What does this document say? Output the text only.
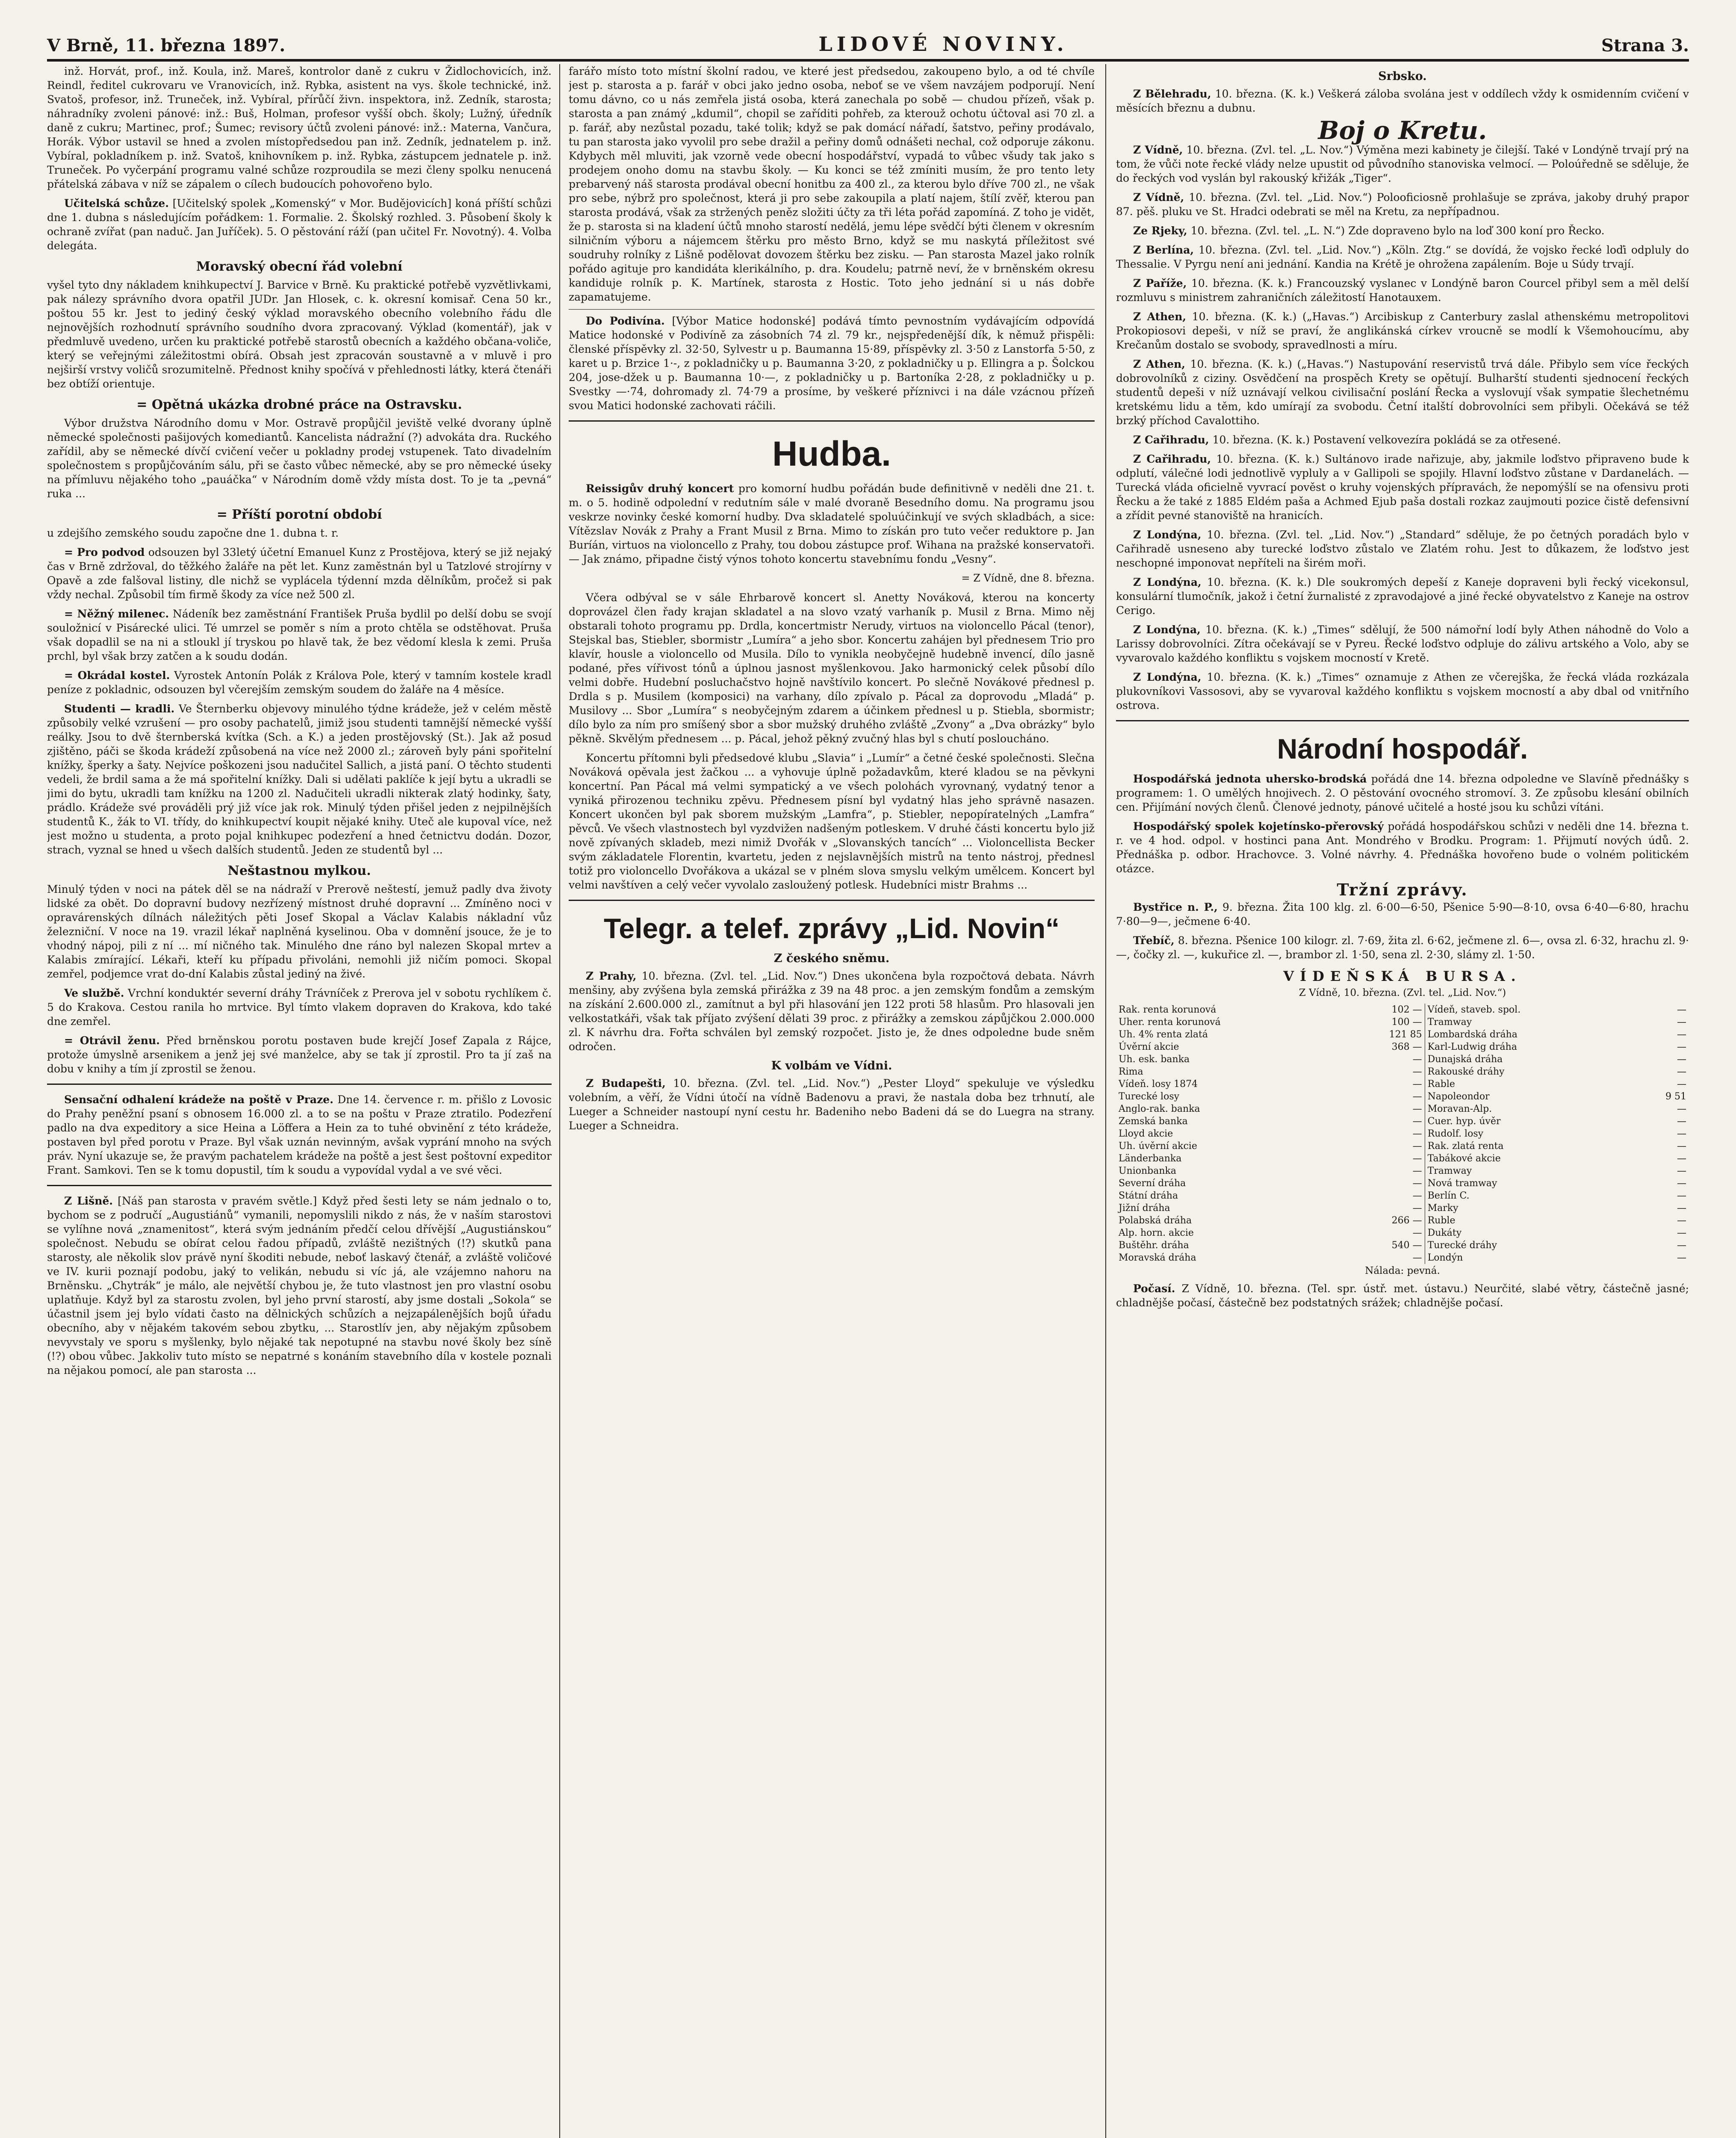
V Brně, 11. března 1897.	LIDOVÉ NOVINY.	Strana 3.

inž. Horvát, prof., inž. Koula, inž. Mareš, kontrolor daně z cukru v Židlochovicích, inž. Reindl, ředitel cukrovaru ve Vranovicích, inž. Rybka, asistent na vys. škole technické, inž. Svatoš, profesor, inž. Truneček, inž. Vybíral, přírůčí živn. inspektora, inž. Zedník, starosta; náhradníky zvoleni pánové: inž.: Buš, Holman, profesor vyšší obch. školy; Lužný, úředník daně z cukru; Martinec, prof.; Šumec; revisory účtů zvoleni pánové: inž.: Materna, Vančura, Horák. Výbor ustavil se hned a zvolen místopředsedou pan inž. Zedník, jednatelem p. inž. Vybíral, pokladníkem p. inž. Svatoš, knihovníkem p. inž. Rybka, zástupcem jednatele p. inž. Truneček. Po vyčerpání programu valné schůze rozproudila se mezi členy spolku nenucená přátelská zábava v níž se zápalem o cílech budoucích pohovořeno bylo.

Učitelská schůze. [Učitelský spolek „Komenský“ v Mor. Budějovicích] koná příští schůzi dne 1. dubna s následujícím pořádkem: 1. Formalie. 2. Školský rozhled. 3. Působení školy k ochraně zvířat (pan naduč. Jan Juříček). 5. O pěstování ráží (pan učitel Fr. Novotný). 4. Volba delegáta.

Moravský obecní řád volební

vyšel tyto dny nákladem knihkupectví J. Barvice v Brně. Ku praktické potřebě vyzvětlivkami, pak nálezy správního dvora opatřil JUDr. Jan Hlosek, c. k. okresní komisař. Cena 50 kr., poštou 55 kr. Jest to jediný český výklad moravského obecního volebního řádu dle nejnovějších rozhodnutí správního soudního dvora zpracovaný. Výklad (komentář), jak v předmluvě uvedeno, určen ku praktické potřebě starostů obecních a každého občana-voliče, který se veřejnými záležitostmi obírá. Obsah jest zpracován soustavně a v mluvě i pro nejširší vrstvy voličů srozumitelně. Přednost knihy spočívá v přehlednosti látky, která čtenáři bez obtíží orientuje.

= Opětná ukázka drobné práce na Ostravsku.

Výbor družstva Národního domu v Mor. Ostravě propůjčil jeviště velké dvorany úplně německé společnosti pašijových komediantů. Kancelista nádražní (?) advokáta dra. Ruckého zařídil, aby se německé dívčí cvičení večer u pokladny prodej vstupenek. Tato divadelním společnostem s propůjčováním sálu, při se často vůbec německé, aby se pro německé úseky na přímluvu nějakého toho „pauáčka“ v Národním domě vždy místa dost. To je ta „pevná“ ruka ...

= Příští porotní období

u zdejšího zemského soudu započne dne 1. dubna t. r.

= Pro podvod odsouzen byl 33letý účetní Emanuel Kunz z Prostějova, který se již nejaký čas v Brně zdržoval, do těžkého žaláře na pět let. Kunz zaměstnán byl u Tatzlové strojírny v Opavě a zde falšoval listiny, dle nichž se vyplácela týdenní mzda dělníkům, pročež si pak vždy nechal. Způsobil tím firmě škody za více než 500 zl.

= Něžný milenec. Nádeník bez zaměstnání František Pruša bydlil po delší dobu se svojí souložnicí v Pisárecké ulici. Té umrzel se poměr s ním a proto chtěla se odstěhovat. Pruša však dopadlil se na ni a stloukl jí tryskou po hlavě tak, že bez vědomí klesla k zemi. Pruša prchl, byl však brzy zatčen a k soudu dodán.

= Okrádal kostel. Vyrostek Antonín Polák z Králova Pole, který v tamním kostele kradl peníze z pokladnic, odsouzen byl včerejším zemským soudem do žaláře na 4 měsíce.

Studenti — kradli. Ve Šternberku objevovy minulého týdne krádeže, jež v celém městě způsobily velké vzrušení — pro osoby pachatelů, jimiž jsou studenti tamnější německé vyšší reálky. Jsou to dvě šternberská kvítka (Sch. a K.) a jeden prostějovský (St.). Jak až posud zjištěno, páči se škoda krádeží způsobená na více než 2000 zl.; zároveň byly páni spořitelní knížky, šperky a šaty. Nejvíce poškozeni jsou nadučitel Sallich, a jistá paní. O těchto studenti vedeli, že brdil sama a že má spořitelní knížky. Dali si udělati paklíče k její bytu a ukradli se jimi do bytu, ukradli tam knížku na 1200 zl. Nadučiteli ukradli nikterak zlatý hodinky, šaty, prádlo. Krádeže své prováděli prý již více jak rok. Minulý týden přišel jeden z nejpilnějších studentů K., žák to VI. třídy, do knihkupectví koupit nějaké knihy. Uteč ale kupoval více, než jest možno u studenta, a proto pojal knihkupec podezření a hned četnictvu dodán. Dozor, strach, vyznal se hned u všech dalších studentů. Jeden ze studentů byl ...

Neštastnou mylkou.

Minulý týden v noci na pátek děl se na nádraží v Prerově neštestí, jemuž padly dva životy lidské za obět. Do dopravní budovy nezřízený místnost druhé dopravní ... Zmíněno noci v opravárenských dílnách náležitých pěti Josef Skopal a Václav Kalabis nákladní vůz železniční. V noce na 19. vrazil lékař naplněná kyselinou. Oba v domnění jsouce, že je to vhodný nápoj, pili z ní ... mí ničného tak. Minulého dne ráno byl nalezen Skopal mrtev a Kalabis zmírající. Lékaři, kteří ku případu přivoláni, nemohli již ničím pomoci. Skopal zemřel, podjemce vrat do-dní Kalabis zůstal jediný na živé.

Ve službě. Vrchní konduktér severní dráhy Trávníček z Prerova jel v sobotu rychlíkem č. 5 do Krakova. Cestou ranila ho mrtvice. Byl tímto vlakem dopraven do Krakova, kdo také dne zemřel.

= Otrávil ženu. Před brněnskou porotu postaven bude krejčí Josef Zapala z Rájce, protože úmyslně arsenikem a jenž jej své manželce, aby se tak jí zprostil. Pro ta jí zaš na dobu v knihy a tím jí zprostil se ženou.

Sensační odhalení krádeže na poště v Praze. Dne 14. července r. m. přišlo z Lovosic do Prahy peněžní psaní s obnosem 16.000 zl. a to se na poštu v Praze ztratilo. Podezření padlo na dva expeditory a sice Heina a Löffera a Hein za to tuhé obvinění z této krádeže, postaven byl před porotu v Praze. Byl však uznán nevinným, avšak vyprání mnoho na svých práv. Nyní ukazuje se, že pravým pachatelem krádeže na poště a jest šest poštovní expeditor Frant. Samkovi. Ten se k tomu dopustil, tím k soudu a vypovídal vydal a ve své věci.

Z Lišně. [Náš pan starosta v pravém světle.] Když před šesti lety se nám jednalo o to, bychom se z područí „Augustiánů“ vymanili, nepomyslili nikdo z nás, že v naším starostovi se vylíhne nová „znamenitost“, která svým jednáním předčí celou dřívější „Augustiánskou“ společnost. Nebudu se obírat celou řadou případů, zvláště nezištných (!?) skutků pana starosty, ale několik slov právě nyní škoditi nebude, neboť laskavý čtenář, a zvláště voličové ve IV. kurii poznají podobu, jaký to velikán, nebudu si víc já, ale vzájemno nahoru na Brněnsku. „Chytrák“ je málo, ale největší chybou je, že tuto vlastnost jen pro vlastní osobu uplatňuje. Když byl za starostu zvolen, byl jeho první starostí, aby jsme dostali „Sokola“ se účastnil jsem jej bylo vídati často na dělnických schůzích a nejzapálenějších bojů úřadu obecního, aby v nějakém takovém sebou zbytku, ... Starostlív jen, aby nějakým způsobem nevyvstaly ve sporu s myšlenky, bylo nějaké tak nepotupné na stavbu nové školy bez síně (!?) obou vůbec. Jakkoliv tuto místo se nepatrné s konáním stavebního díla v kostele poznali na nějakou pomocí, ale pan starosta ...

farářo místo toto místní školní radou, ve které jest předsedou, zakoupeno bylo, a od té chvíle jest p. starosta a p. farář v obci jako jedno osoba, neboť se ve všem navzájem podporují. Není tomu dávno, co u nás zemřela jistá osoba, která zanechala po sobě — chudou přízeň, však p. starosta a pan známý „kdumil“, chopil se zaříditi pohřeb, za kterouž ochotu účtoval asi 70 zl. a p. farář, aby nezůstal pozadu, také tolik; když se pak domácí nářadí, šatstvo, peřiny prodávalo, tu pan starosta jako vyvolil pro sebe dražil a peřiny domů odnášeti nechal, což odporuje zákonu. Kdybych měl mluviti, jak vzorně vede obecní hospodářství, vypadá to vůbec všudy tak jako s prodejem onoho domu na stavbu školy. — Ku konci se též zmíniti musím, že pro tento lety prebarvený náš starosta prodával obecní honitbu za 400 zl., za kterou bylo dříve 700 zl., ne však pro sebe, nýbrž pro společnost, která ji pro sebe zakoupila a platí najem, štílí zvěř, kterou pan starosta prodává, však za stržených peněz složiti účty za tři léta pořád zapomíná. Z toho je vidět, že p. starosta si na kladení účtů mnoho starostí nedělá, jemu lépe svědčí býti členem v okresním silničním výboru a nájemcem štěrku pro město Brno, když se mu naskytá příležitost své soudruhy rolníky z Lišně podělovat dovozem štěrku bez zisku. — Pan starosta Mazel jako rolník pořádo agituje pro kandidáta klerikálního, p. dra. Koudelu; patrně neví, že v brněnském okresu kandiduje rolník p. K. Martínek, starosta z Hostic. Toto jeho jednání si u nás dobře zapamatujeme.

Do Podivína. [Výbor Matice hodonské] podává tímto pevnostním vydávajícím odpovídá Matice hodonské v Podivíně za zásobních 74 zl. 79 kr., nejspředenější dík, k němuž přispěli: členské příspěvky zl. 32·50, Sylvestr u p. Baumanna 15·89, příspěvky zl. 3·50 z Lanstorfa 5·50, z karet u p. Brzice 1·-, z pokladničky u p. Baumanna 3·20, z pokladničky u p. Ellingra a p. Šolckou 204, jose-džek u p. Baumanna 10·—, z pokladničky u p. Bartoníka 2·28, z pokladničky u p. Svestky —·74, dohromady zl. 74·79 a prosíme, by veškeré příznivci i na dále vzácnou přízeň svou Matici hodonské zachovati ráčili.

Hudba.

Reissigův druhý koncert pro komorní hudbu pořádán bude definitivně v neděli dne 21. t. m. o 5. hodině odpolední v redutním sále v malé dvoraně Besedního domu. Na programu jsou veskrze novinky české komorní hudby. Dva skladatelé spoluúčinkují ve svých skladbách, a sice: Vítězslav Novák z Prahy a Frant Musil z Brna. Mimo to získán pro tuto večer reduktore p. Jan Buríán, virtuos na violoncello z Prahy, tou dobou zástupce prof. Wihana na pražské konservatoři. — Jak známo, připadne čistý výnos tohoto koncertu stavebnímu fondu „Vesny“.

= Z Vídně, dne 8. března.

Včera odbýval se v sále Ehrbarově koncert sl. Anetty Nováková, kterou na koncerty doprovázel člen řady krajan skladatel a na slovo vzatý varhaník p. Musil z Brna. Mimo něj obstarali tohoto programu pp. Drdla, koncertmistr Nerudy, virtuos na violoncello Pácal (tenor), Stejskal bas, Stiebler, sbormistr „Lumíra“ a jeho sbor. Koncertu zahájen byl přednesem Trio pro klavír, housle a violoncello od Musila. Dílo to vynikla neobyčejně hudebně invencí, dílo jasně podané, přes vířivost tónů a úplnou jasnost myšlenkovou. Jako harmonický celek působí dílo velmi dobře. Hudební posluchačstvo hojně navštívilo koncert. Po slečně Novákové přednesl p. Drdla s p. Musilem (komposici) na varhany, dílo zpívalo p. Pácal za doprovodu „Mladá“ p. Musilovy ... Sbor „Lumíra“ s neobyčejným zdarem a účinkem přednesl u p. Stiebla, sbormistr; dílo bylo za ním pro smíšený sbor a sbor mužský druhého zvláště „Zvony“ a „Dva obrázky“ bylo pěkně. Skvělým přednesem ... p. Pácal, jehož pěkný zvučný hlas byl s chutí posloucháno.

Koncertu přítomni byli předsedové klubu „Slavia“ i „Lumír“ a četné české společnosti. Slečna Nováková opěvala jest žačkou ... a vyhovuje úplně požadavkům, které kladou se na pěvkyni koncertní. Pan Pácal má velmi sympatický a ve všech polohách vyrovnaný, vydatný tenor a vyniká přirozenou techniku zpěvu. Přednesem písní byl vydatný hlas jeho správně nasazen. Koncert ukončen byl pak sborem mužským „Lamfra“, p. Stiebler, nepopíratelných „Lamfra“ pěvců. Ve všech vlastnostech byl vyzdvižen nadšeným potleskem. V druhé části koncertu bylo již nově zpívaných skladeb, mezi nimiž Dvořák v „Slovanských tancích“ ... Violoncellista Becker svým základatele Florentin, kvartetu, jeden z nejslavnějších mistrů na tento nástroj, přednesl totiž pro violoncello Dvořákova a ukázal se v plném slova smyslu velkým umělcem. Koncert byl velmi navštíven a celý večer vyvolalo zasloužený potlesk. Hudebníci mistr Brahms ...

Telegr. a telef. zprávy „Lid. Novin“
Z českého sněmu.

Z Prahy, 10. března. (Zvl. tel. „Lid. Nov.“) Dnes ukončena byla rozpočtová debata. Návrh menšiny, aby zvýšena byla zemská přirážka z 39 na 48 proc. a jen zemským fondům a zemským na získání 2.600.000 zl., zamítnut a byl při hlasování jen 122 proti 58 hlasům. Pro hlasovali jen velkostatkáři, však tak příjato zvýšení dělati 39 proc. z přirážky a zemskou zápůjčkou 2.000.000 zl. K návrhu dra. Fořta schválen byl zemský rozpočet. Jisto je, že dnes odpoledne bude sněm odročen.

K volbám ve Vídni.

Z Budapešti, 10. března. (Zvl. tel. „Lid. Nov.“) „Pester Lloyd“ spekuluje ve výsledku volebním, a věří, že Vídni útočí na vídně Badenovu a pravi, že nastala doba bez trhnutí, ale Lueger a Schneider nastoupí nyní cestu hr. Badeniho nebo Badeni dá se do Luegra na strany. Lueger a Schneidra.

Srbsko.

Z Bělehradu, 10. března. (K. k.) Veškerá záloba svolána jest v oddílech vždy k osmidenním cvičení v měsících březnu a dubnu.

Boj o Kretu.

Z Vídně, 10. března. (Zvl. tel. „L. Nov.“) Výměna mezi kabinety je čilejší. Také v Londýně trvají prý na tom, že vůči note řecké vlády nelze upustit od původního stanoviska velmocí. — Poloúředně se sděluje, že do řeckých vod vyslán byl rakouský křižák „Tiger“.

Z Vídně, 10. března. (Zvl. tel. „Lid. Nov.“) Polooficiosně prohlašuje se zpráva, jakoby druhý prapor 87. pěš. pluku ve St. Hradci odebrati se měl na Kretu, za nepřípadnou.

Ze Rjeky, 10. března. (Zvl. tel. „L. N.“) Zde dopraveno bylo na loď 300 koní pro Řecko.

Z Berlína, 10. března. (Zvl. tel. „Lid. Nov.“) „Köln. Ztg.“ se dovídá, že vojsko řecké loďi odpluly do Thessalie. V Pyrgu není ani jednání. Kandia na Krétě je ohrožena zapálením. Boje u Súdy trvají.

Z Paříže, 10. března. (K. k.) Francouzský vyslanec v Londýně baron Courcel přibyl sem a měl delší rozmluvu s ministrem zahraničních záležitostí Hanotauxem.

Z Athen, 10. března. (K. k.) („Havas.“) Arcibiskup z Canterbury zaslal athenskému metropolitovi Prokopiosovi depeši, v níž se praví, že anglikánská církev vroucně se modlí k Všemohoucímu, aby Krečanům dostalo se svobody, spravedlnosti a míru.

Z Athen, 10. března. (K. k.) („Havas.“) Nastupování reservistů trvá dále. Přibylo sem více řeckých dobrovolníků z ciziny. Osvědčení na prospěch Krety se opětují. Bulharští studenti sjednocení řeckých studentů depeši v níž uznávají velkou civilisační poslání Řecka a vyslovují však sympatie šlechetnému kretskému lidu a těm, kdo umírají za svobodu. Četní italští dobrovolníci sem přibyli. Očekává se též brzký příchod Cavalottiho.

Z Cařihradu, 10. března. (K. k.) Postavení velkovezíra pokládá se za otřesené.

Z Cařihradu, 10. března. (K. k.) Sultánovo irade nařizuje, aby, jakmile loďstvo připraveno bude k odplutí, válečné lodi jednotlivě vypluly a v Gallipoli se spojily. Hlavní loďstvo zůstane v Dardanelách. — Turecká vláda oficielně vyvrací pověst o kruhy vojenských přípravách, že nepomýšlí se na ofensivu proti Řecku a že také z 1885 Eldém paša a Achmed Ejub paša dostali rozkaz zaujmouti pozice čistě defensivní a zřídit pevné stanoviště na hranicích.

Z Londýna, 10. března. (Zvl. tel. „Lid. Nov.“) „Standard“ sděluje, že po četných poradách bylo v Cařihradě usneseno aby turecké loďstvo zůstalo ve Zlatém rohu. Jest to důkazem, že loďstvo jest neschopné imponovat nepříteli na širém moři.

Z Londýna, 10. března. (K. k.) Dle soukromých depeší z Kaneje dopraveni byli řecký vicekonsul, konsulární tlumočník, jakož i četní žurnalisté z zpravodajové a jiné řecké obyvatelstvo z Kaneje na ostrov Cerigo.

Z Londýna, 10. března. (K. k.) „Times“ sdělují, že 500 námořní lodí byly Athen náhodně do Volo a Larissy dobrovolníci. Zítra očekávají se v Pyreu. Řecké loďstvo odpluje do zálivu artského a Volo, aby se vyvarovalo každého konfliktu s vojskem mocností v Kretě.

Z Londýna, 10. března. (K. k.) „Times“ oznamuje z Athen ze včerejška, že řecká vláda rozkázala plukovníkovi Vassosovi, aby se vyvaroval každého konfliktu s vojskem mocností a aby dbal od vnitřního ostrova.

Národní hospodář.

Hospodářská jednota uhersko-brodská pořádá dne 14. března odpoledne ve Slavíně přednášky s programem: 1. O umělých hnojivech. 2. O pěstování ovocného stromoví. 3. Ze způsobu klesání obilních cen. Přijímání nových členů. Členové jednoty, pánové učitelé a hosté jsou ku schůzi vítáni.

Hospodářský spolek kojetínsko-přerovský pořádá hospodářskou schůzi v neděli dne 14. března t. r. ve 4 hod. odpol. v hostinci pana Ant. Mondrého v Brodku. Program: 1. Přijmutí nových údů. 2. Přednáška p. odbor. Hrachovce. 3. Volné návrhy. 4. Přednáška hovořeno bude o volném politickém otázce.

Tržní zprávy.

Bystřice n. P., 9. března. Žita 100 klg. zl. 6·00—6·50, Pšenice 5·90—8·10, ovsa 6·40—6·80, hrachu 7·80—9—, ječmene 6·40.

Třebíč, 8. března. Pšenice 100 kilogr. zl. 7·69, žita zl. 6·62, ječmene zl. 6—, ovsa zl. 6·32, hrachu zl. 9·—, čočky zl. —, kukuřice zl. —, brambor zl. 1·50, sena zl. 2·30, slámy zl. 1·50.

VÍDEŇSKÁ BURSA.
Z Vídně, 10. března. (Zvl. tel. „Lid. Nov.“)
Rak. renta korunová	102 —	Vídeň, staveb. spol.	—
Uher. renta korunová	100 —	Tramway	—
Uh. 4% renta zlatá	121 85	Lombardská dráha	—
Úvěrní akcie	368 —	Karl-Ludwig dráha	—
Uh. esk. banka	—	Dunajská dráha	—
Rima	—	Rakouské dráhy	—
Vídeň. losy 1874	—	Rable	—
Turecké losy	—	Napoleondor	9 51
Anglo-rak. banka	—	Moravan-Alp.	—
Zemská banka	—	Cuer. hyp. úvěr	—
Lloyd akcie	—	Rudolf. losy	—
Uh. úvěrní akcie	—	Rak. zlatá renta	—
Länderbanka	—	Tabákové akcie	—
Unionbanka	—	Tramway	—
Severní dráha	—	Nová tramway	—
Státní dráha	—	Berlín C.	—
Jižní dráha	—	Marky	—
Polabská dráha	266 —	Ruble	—
Alp. horn. akcie	—	Dukáty	—
Buštěhr. dráha	540 —	Turecké dráhy	—
Moravská dráha	—	Londýn	—
Nálada: pevná.

Počasí. Z Vídně, 10. března. (Tel. spr. ústř. met. ústavu.) Neurčité, slabé větry, částečně jasné; chladnějše počasí, částečně bez podstatných srážek; chladnějše počasí.
